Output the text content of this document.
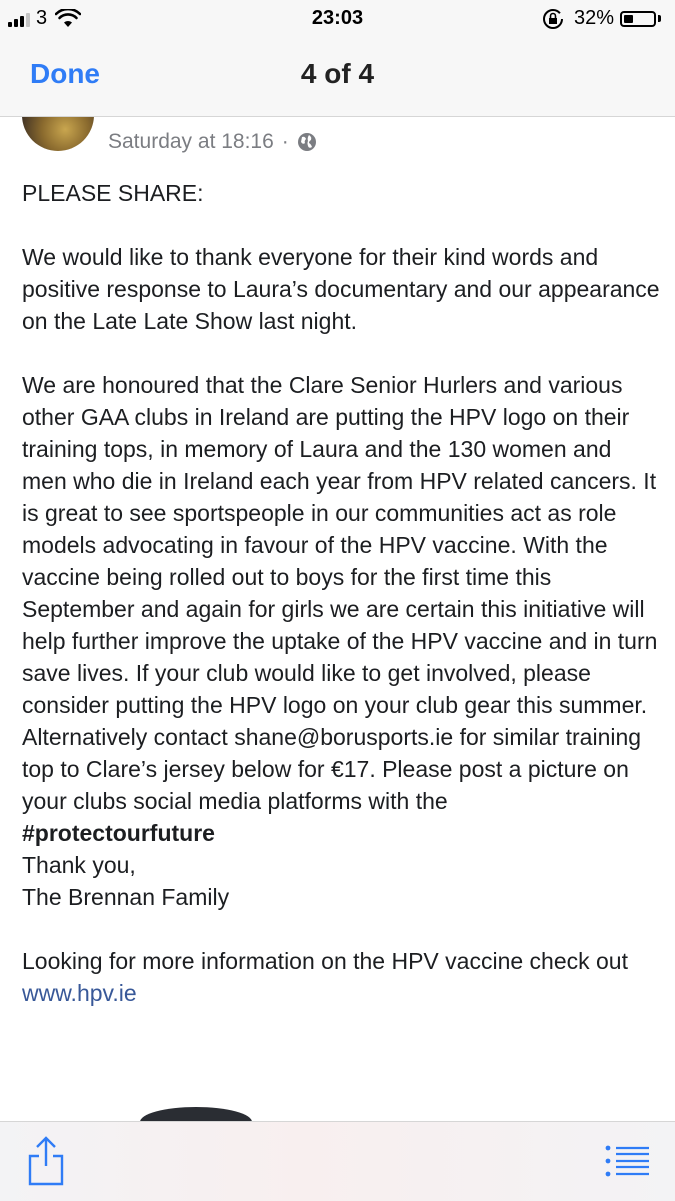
3	23:03	32%
Done	4 of 4
Saturday at 18:16 ·

PLEASE SHARE:

We would like to thank everyone for their kind words and positive response to Laura’s documentary and our appearance on the Late Late Show last night.

We are honoured that the Clare Senior Hurlers and various other GAA clubs in Ireland are putting the HPV logo on their training tops, in memory of Laura and the 130 women and men who die in Ireland each year from HPV related cancers. It is great to see sportspeople in our communities act as role models advocating in favour of the HPV vaccine. With the vaccine being rolled out to boys for the first time this September and again for girls we are certain this initiative will help further improve the uptake of the HPV vaccine and in turn save lives. If your club would like to get involved, please consider putting the HPV logo on your club gear this summer. Alternatively contact shane@borusports.ie for similar training top to Clare’s jersey below for €17. Please post a picture on your clubs social media platforms with the

#protectourfuture

Thank you,

The Brennan Family

Looking for more information on the HPV vaccine check out www.hpv.ie
